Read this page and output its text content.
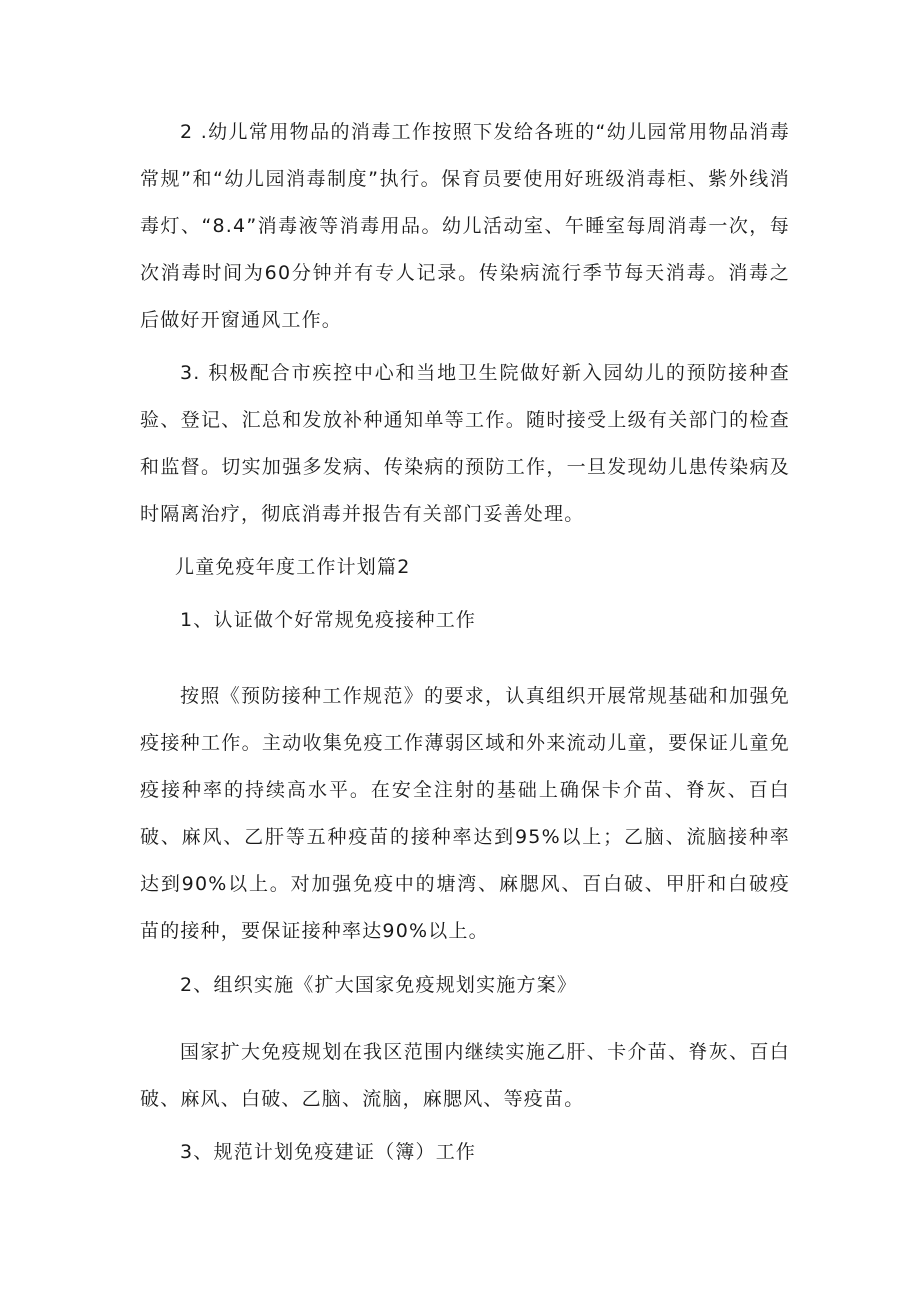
2 .幼儿常用物品的消毒工作按照下发给各班的“幼儿园常用物品消毒常规”和“幼儿园消毒制度”执行。保育员要使用好班级消毒柜、紫外线消毒灯、“8.4”消毒液等消毒用品。幼儿活动室、午睡室每周消毒一次，每次消毒时间为60分钟并有专人记录。传染病流行季节每天消毒。消毒之后做好开窗通风工作。

3. 积极配合市疾控中心和当地卫生院做好新入园幼儿的预防接种查验、登记、汇总和发放补种通知单等工作。随时接受上级有关部门的检查和监督。切实加强多发病、传染病的预防工作，一旦发现幼儿患传染病及时隔离治疗，彻底消毒并报告有关部门妥善处理。

儿童免疫年度工作计划篇2

1、认证做个好常规免疫接种工作

按照《预防接种工作规范》的要求，认真组织开展常规基础和加强免疫接种工作。主动收集免疫工作薄弱区域和外来流动儿童，要保证儿童免疫接种率的持续高水平。在安全注射的基础上确保卡介苗、脊灰、百白破、麻风、乙肝等五种疫苗的接种率达到95%以上；乙脑、流脑接种率达到90%以上。对加强免疫中的塘湾、麻腮风、百白破、甲肝和白破疫苗的接种，要保证接种率达90%以上。

2、组织实施《扩大国家免疫规划实施方案》

国家扩大免疫规划在我区范围内继续实施乙肝、卡介苗、脊灰、百白破、麻风、白破、乙脑、流脑，麻腮风、等疫苗。

3、规范计划免疫建证（簿）工作
